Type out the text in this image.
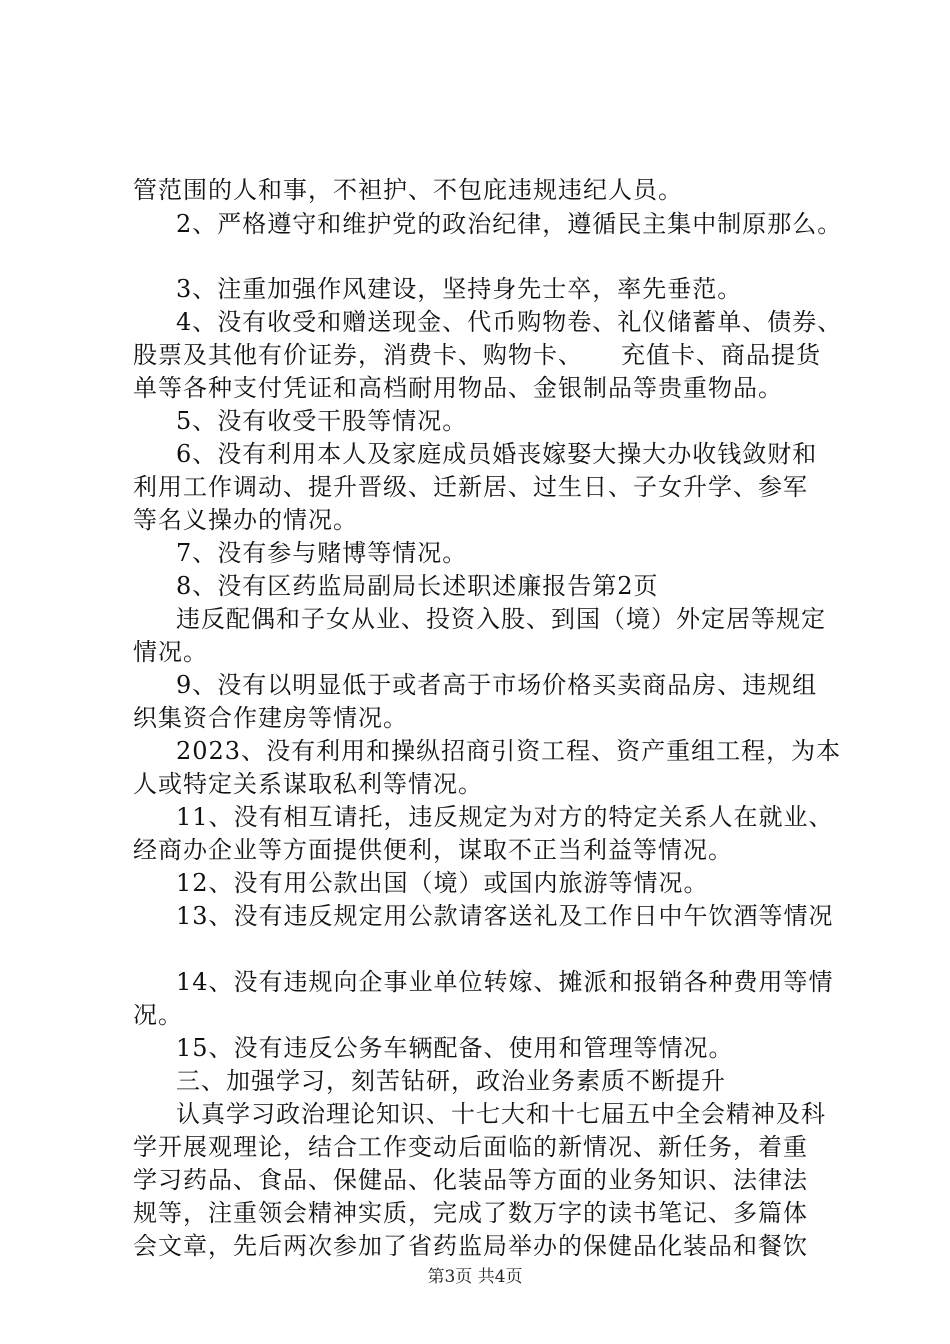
管范围的人和事，不袒护、不包庇违规违纪人员。
2、严格遵守和维护党的政治纪律，遵循民主集中制原那么。
3、注重加强作风建设，坚持身先士卒，率先垂范。
4、没有收受和赠送现金、代币购物卷、礼仪储蓄单、债券、
股票及其他有价证券，消费卡、购物卡、　　充值卡、商品提货
单等各种支付凭证和高档耐用物品、金银制品等贵重物品。
5、没有收受干股等情况。
6、没有利用本人及家庭成员婚丧嫁娶大操大办收钱敛财和
利用工作调动、提升晋级、迁新居、过生日、子女升学、参军
等名义操办的情况。
7、没有参与赌博等情况。
8、没有区药监局副局长述职述廉报告第2页
违反配偶和子女从业、投资入股、到国（境）外定居等规定
情况。
9、没有以明显低于或者高于市场价格买卖商品房、违规组
织集资合作建房等情况。
2023、没有利用和操纵招商引资工程、资产重组工程，为本
人或特定关系谋取私利等情况。
11、没有相互请托，违反规定为对方的特定关系人在就业、
经商办企业等方面提供便利，谋取不正当利益等情况。
12、没有用公款出国（境）或国内旅游等情况。
13、没有违反规定用公款请客送礼及工作日中午饮酒等情况
14、没有违规向企事业单位转嫁、摊派和报销各种费用等情
况。
15、没有违反公务车辆配备、使用和管理等情况。
三、加强学习，刻苦钻研，政治业务素质不断提升
认真学习政治理论知识、十七大和十七届五中全会精神及科
学开展观理论，结合工作变动后面临的新情况、新任务，着重
学习药品、食品、保健品、化装品等方面的业务知识、法律法
规等，注重领会精神实质，完成了数万字的读书笔记、多篇体
会文章，先后两次参加了省药监局举办的保健品化装品和餐饮
第3页 共4页
